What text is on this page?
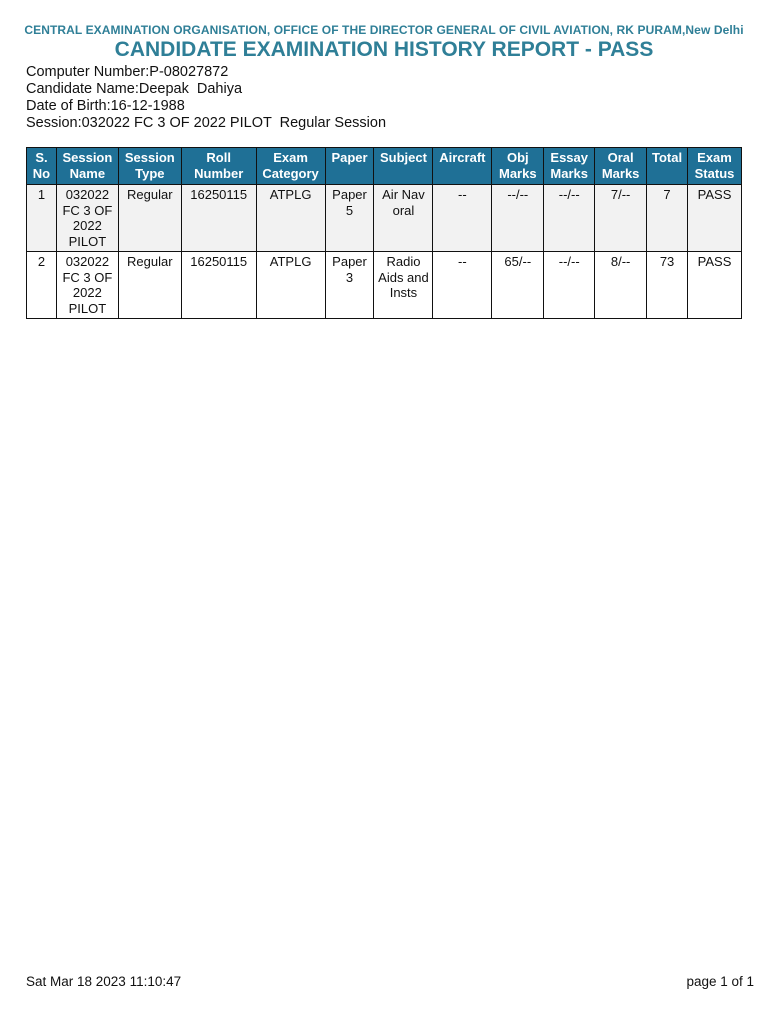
CENTRAL EXAMINATION ORGANISATION, OFFICE OF THE DIRECTOR GENERAL OF CIVIL AVIATION, RK PURAM,New Delhi
CANDIDATE EXAMINATION HISTORY REPORT - PASS
Computer Number:P-08027872
Candidate Name:Deepak  Dahiya
Date of Birth:16-12-1988
Session:032022 FC 3 OF 2022 PILOT  Regular Session
S. No	Session Name	Session Type	Roll Number	Exam Category	Paper	Subject	Aircraft	Obj Marks	Essay Marks	Oral Marks	Total	Exam Status
1	032022 FC 3 OF 2022 PILOT	Regular	16250115	ATPLG	Paper 5	Air Nav oral	--	--/--	--/--	7/--	7	PASS
2	032022 FC 3 OF 2022 PILOT	Regular	16250115	ATPLG	Paper 3	Radio Aids and Insts	--	65/--	--/--	8/--	73	PASS
Sat Mar 18 2023 11:10:47	page 1 of 1
